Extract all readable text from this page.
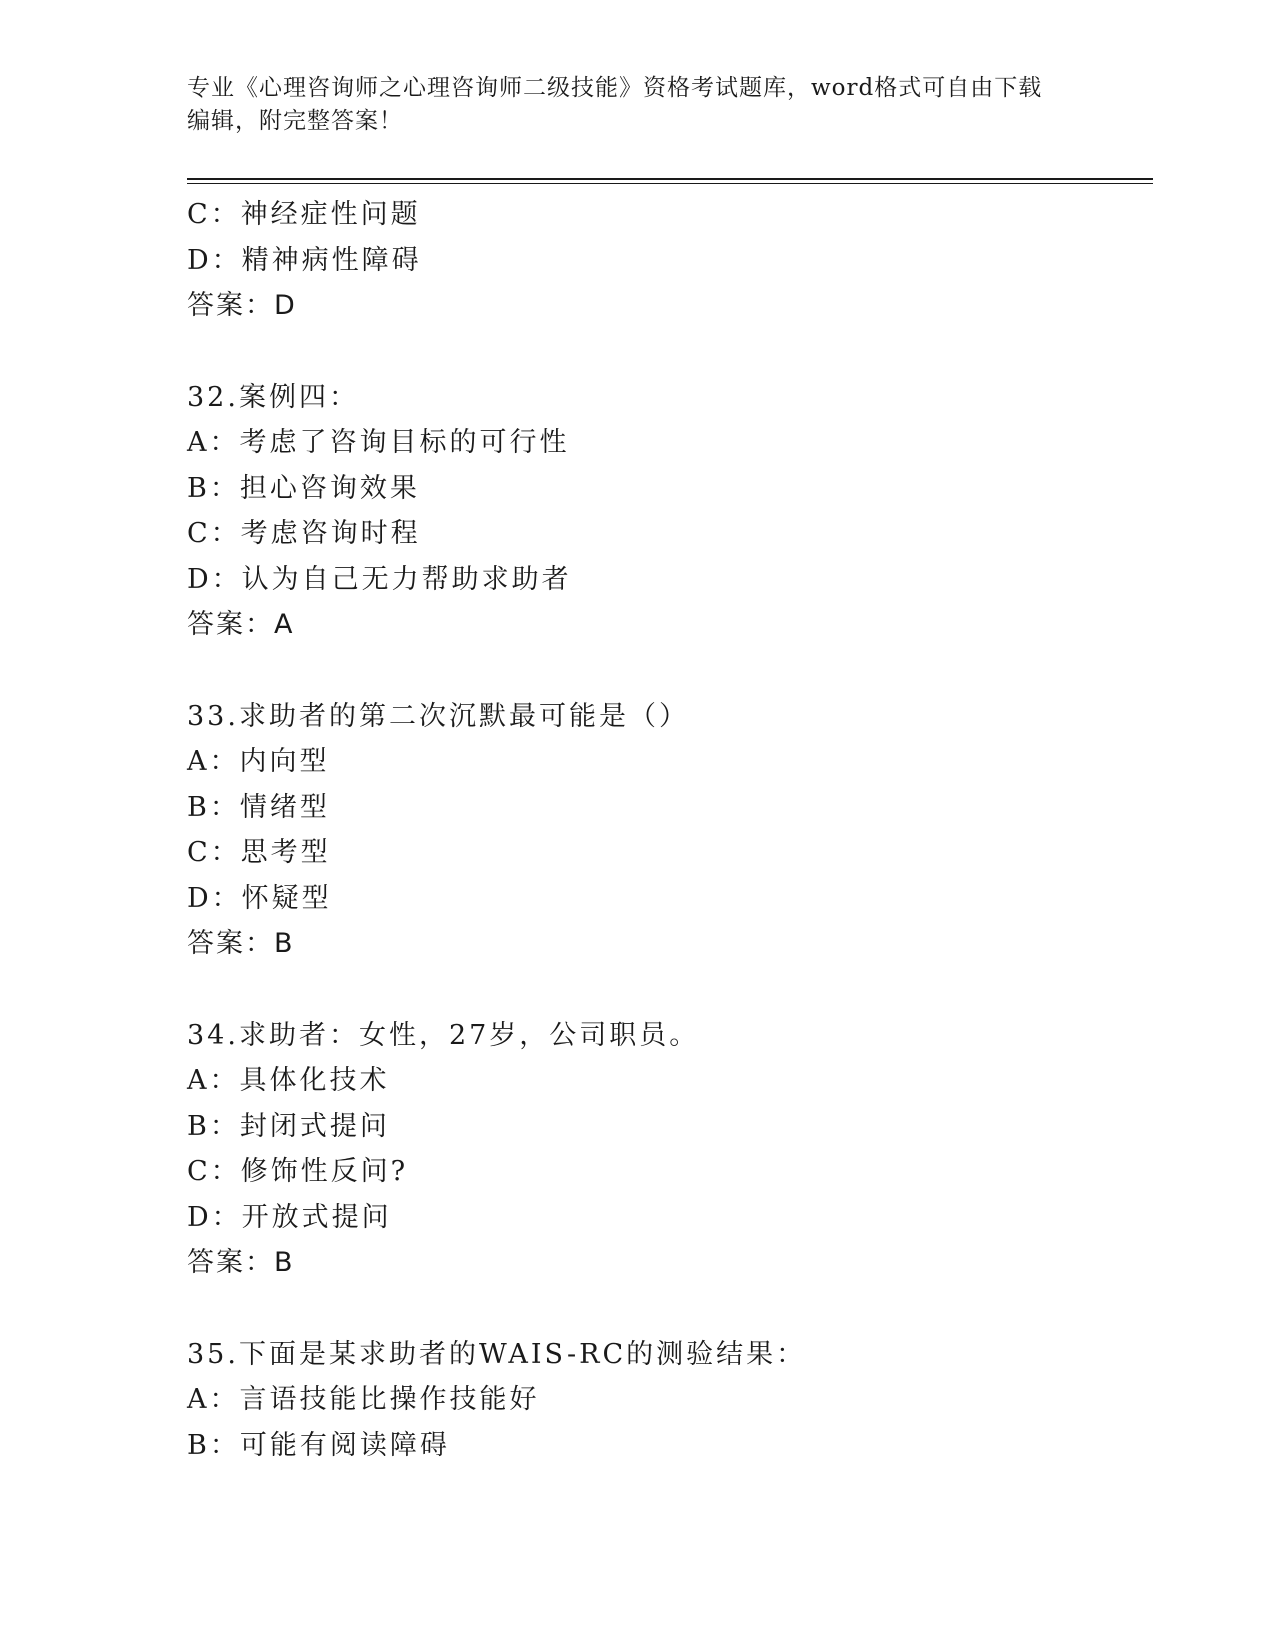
专业《心理咨询师之心理咨询师二级技能》资格考试题库，word格式可自由下载
编辑，附完整答案！
C：神经症性问题
D：精神病性障碍
答案：D
32.案例四：
A：考虑了咨询目标的可行性
B：担心咨询效果
C：考虑咨询时程
D：认为自己无力帮助求助者
答案：A
33.求助者的第二次沉默最可能是（）
A：内向型
B：情绪型
C：思考型
D：怀疑型
答案：B
34.求助者：女性，27岁，公司职员。
A：具体化技术
B：封闭式提问
C：修饰性反问?
D：开放式提问
答案：B
35.下面是某求助者的WAIS-RC的测验结果：
A：言语技能比操作技能好
B：可能有阅读障碍
